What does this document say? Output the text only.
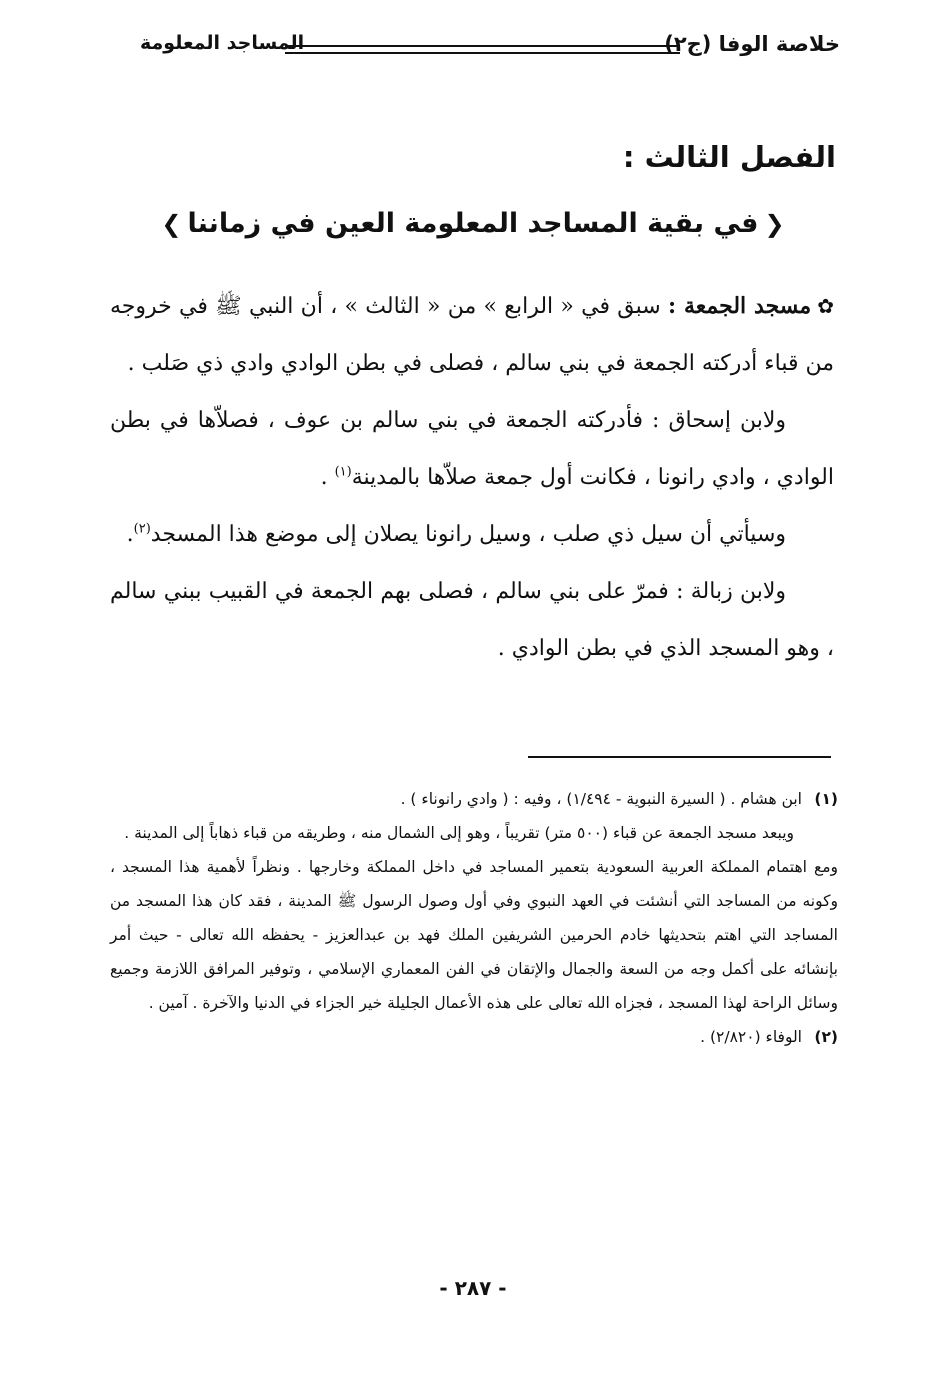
خلاصة الوفا (ج٢)
المساجد المعلومة
الفصل الثالث :
❮في بقية المساجد المعلومة العين في زماننا❯

✿مسجد الجمعة : سبق في « الرابع » من « الثالث » ، أن النبي ﷺ في خروجه من قباء أدركته الجمعة في بني سالم ، فصلى في بطن الوادي وادي ذي صَلب .

ولابن إسحاق : فأدركته الجمعة في بني سالم بن عوف ، فصلاّها في بطن الوادي ، وادي رانونا ، فكانت أول جمعة صلاّها بالمدينة$^{(١)}$ .

وسيأتي أن سيل ذي صلب ، وسيل رانونا يصلان إلى موضع هذا المسجد$^{(٢)}$.

ولابن زبالة : فمرّ على بني سالم ، فصلى بهم الجمعة في القبيب ببني سالم ، وهو المسجد الذي في بطن الوادي .

(١)ابن هشام . ( السيرة النبوية - ١/٤٩٤) ، وفيه : ( وادي رانوناء ) .

ويبعد مسجد الجمعة عن قباء (٥٠٠ متر) تقريباً ، وهو إلى الشمال منه ، وطريقه من قباء ذهاباً إلى المدينة .

ومع اهتمام المملكة العربية السعودية بتعمير المساجد في داخل المملكة وخارجها . ونظراً لأهمية هذا المسجد ، وكونه من المساجد التي أنشئت في العهد النبوي وفي أول وصول الرسول ﷺ المدينة ، فقد كان هذا المسجد من المساجد التي اهتم بتحديثها خادم الحرمين الشريفين الملك فهد بن عبدالعزيز - يحفظه الله تعالى - حيث أمر بإنشائه على أكمل وجه من السعة والجمال والإتقان في الفن المعماري الإسلامي ، وتوفير المرافق اللازمة وجميع وسائل الراحة لهذا المسجد ، فجزاه الله تعالى على هذه الأعمال الجليلة خير الجزاء في الدنيا والآخرة . آمين .

(٢)الوفاء (٢/٨٢٠) .

- ٢٨٧ -
